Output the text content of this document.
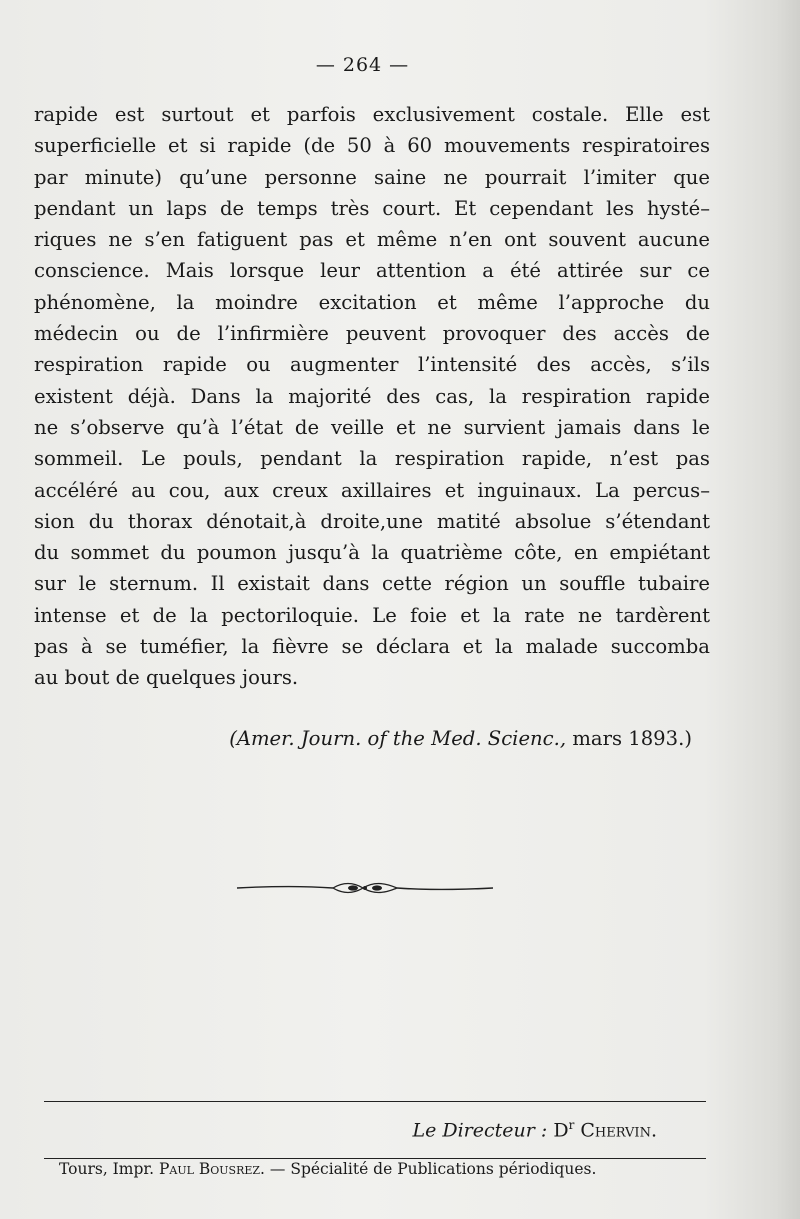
— 264 —
rapide est surtout et parfois exclusivement costale. Elle est
superficielle et si rapide (de 50 à 60 mouvements respiratoires
par minute) qu’une personne saine ne pourrait l’imiter que
pendant un laps de temps très court. Et cependant les hysté–
riques ne s’en fatiguent pas et même n’en ont souvent aucune
conscience. Mais lorsque leur attention a été attirée sur ce
phénomène, la moindre excitation et même l’approche du
médecin ou de l’infirmière peuvent provoquer des accès de
respiration rapide ou augmenter l’intensité des accès, s’ils
existent déjà. Dans la majorité des cas, la respiration rapide
ne s’observe qu’à l’état de veille et ne survient jamais dans le
sommeil. Le pouls, pendant la respiration rapide, n’est pas
accéléré au cou, aux creux axillaires et inguinaux. La percus–
sion du thorax dénotait,à droite,une matité absolue s’étendant
du sommet du poumon jusqu’à la quatrième côte, en empiétant
sur le sternum. Il existait dans cette région un souffle tubaire
intense et de la pectoriloquie. Le foie et la rate ne tardèrent
pas à se tuméfier, la fièvre se déclara et la malade succomba
au bout de quelques jours.
(Amer. Journ. of the Med. Scienc., mars 1893.)
Le Directeur : $D^r$ Chervin.
Tours, Impr. Paul Bousrez. — Spécialité de Publications périodiques.
